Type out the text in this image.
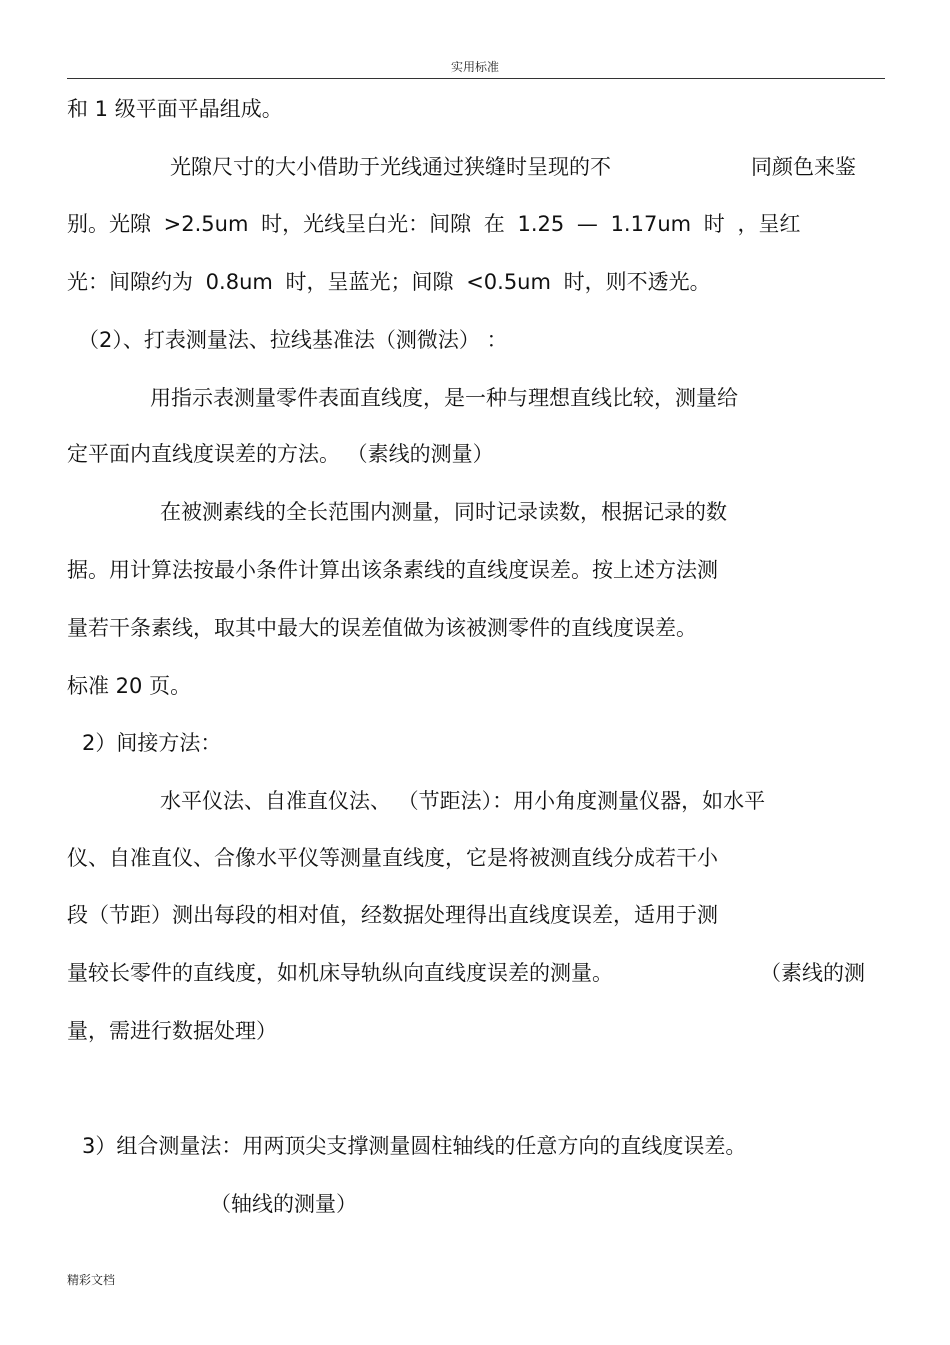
实用标准
和 1 级平面平晶组成。
光隙尺寸的大小借助于光线通过狭缝时呈现的不	同颜色来鉴
别。光隙 >2.5um 时，光线呈白光：间隙 在 1.25 — 1.17um 时 ，呈红
光：间隙约为 0.8um 时，呈蓝光；间隙 <0.5um 时，则不透光。
（2）、打表测量法、拉线基准法（测微法） ：
用指示表测量零件表面直线度，是一种与理想直线比较，测量给
定平面内直线度误差的方法。 （素线的测量）
在被测素线的全长范围内测量，同时记录读数，根据记录的数
据。用计算法按最小条件计算出该条素线的直线度误差。按上述方法测
量若干条素线，取其中最大的误差值做为该被测零件的直线度误差。
标准 20 页。
2）间接方法：
水平仪法、自准直仪法、 （节距法）：用小角度测量仪器，如水平
仪、自准直仪、合像水平仪等测量直线度，它是将被测直线分成若干小
段（节距）测出每段的相对值，经数据处理得出直线度误差，适用于测
量较长零件的直线度，如机床导轨纵向直线度误差的测量。	（素线的测
量，需进行数据处理）
3）组合测量法：用两顶尖支撑测量圆柱轴线的任意方向的直线度误差。
（轴线的测量）
精彩文档
